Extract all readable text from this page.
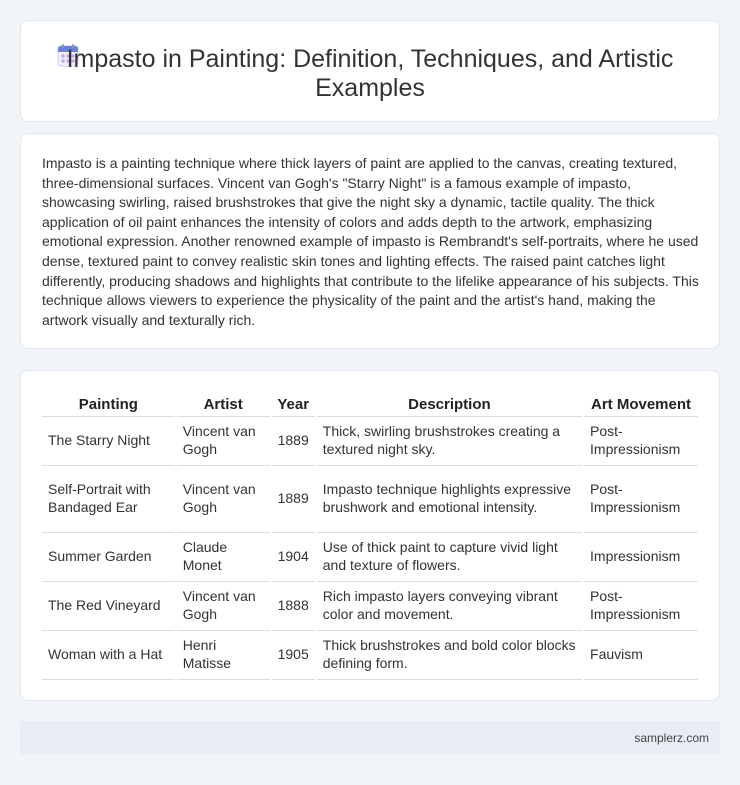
Impasto in Painting: Definition, Techniques, and Artistic Examples

Impasto is a painting technique where thick layers of paint are applied to the canvas, creating textured, three-dimensional surfaces. Vincent van Gogh's "Starry Night" is a famous example of impasto, showcasing swirling, raised brushstrokes that give the night sky a dynamic, tactile quality. The thick application of oil paint enhances the intensity of colors and adds depth to the artwork, emphasizing emotional expression. Another renowned example of impasto is Rembrandt's self-portraits, where he used dense, textured paint to convey realistic skin tones and lighting effects. The raised paint catches light differently, producing shadows and highlights that contribute to the lifelike appearance of his subjects. This technique allows viewers to experience the physicality of the paint and the artist's hand, making the artwork visually and texturally rich.

Painting	Artist	Year	Description	Art Movement
The Starry Night	Vincent van Gogh	1889	Thick, swirling brushstrokes creating a textured night sky.	Post-Impressionism
Self-Portrait with Bandaged Ear	Vincent van Gogh	1889	Impasto technique highlights expressive brushwork and emotional intensity.	Post-Impressionism
Summer Garden	Claude Monet	1904	Use of thick paint to capture vivid light and texture of flowers.	Impressionism
The Red Vineyard	Vincent van Gogh	1888	Rich impasto layers conveying vibrant color and movement.	Post-Impressionism
Woman with a Hat	Henri Matisse	1905	Thick brushstrokes and bold color blocks defining form.	Fauvism
samplerz.com
